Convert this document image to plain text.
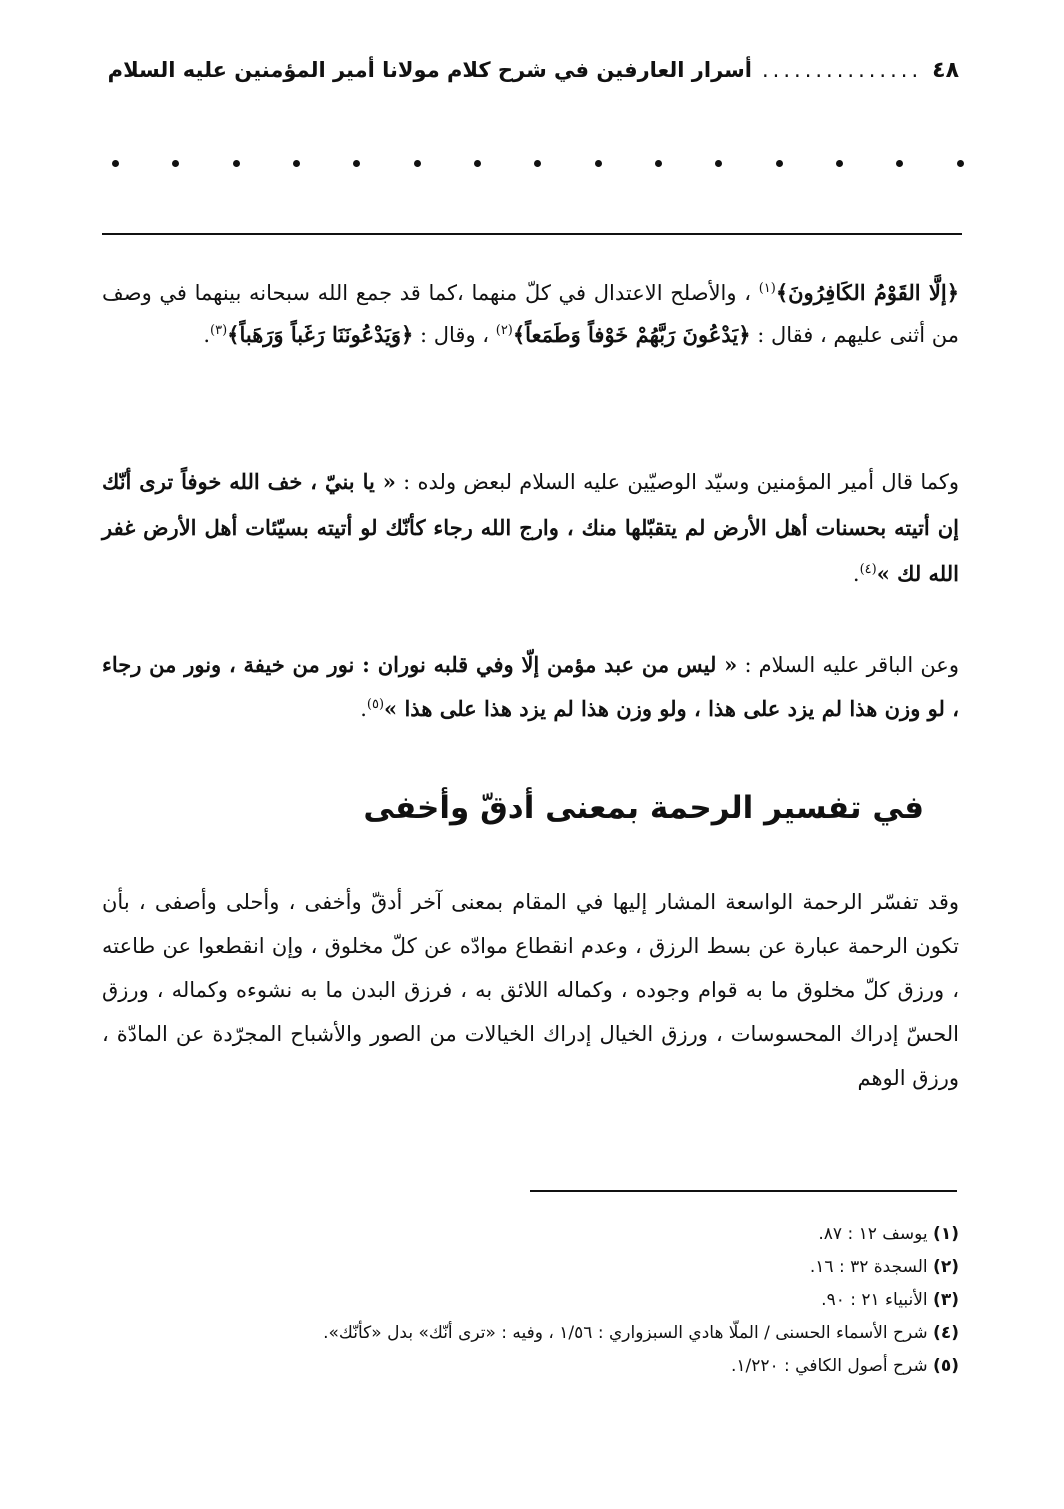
٤٨
...............
أسرار العارفين في شرح كلام مولانا أمير المؤمنين عليه السلام
﴿إلَّا القَوْمُ الكَافِرُونَ﴾$^{(١)}$ ، والأصلح الاعتدال في كلّ منهما ،كما قد جمع الله سبحانه بينهما في وصف من أثنى عليهم ، فقال : ﴿يَدْعُونَ رَبَّهُمْ خَوْفاً وَطَمَعاً﴾$^{(٢)}$ ، وقال : ﴿وَيَدْعُونَنَا رَغَباً وَرَهَباً﴾$^{(٣)}$.
وكما قال أمير المؤمنين وسيّد الوصيّين عليه السلام لبعض ولده : « يا بنيّ ، خف الله خوفاً ترى أنّك إن أتيته بحسنات أهل الأرض لم يتقبّلها منك ، وارج الله رجاء كأنّك لو أتيته بسيّئات أهل الأرض غفر الله لك »$^{(٤)}$.
وعن الباقر عليه السلام : « ليس من عبد مؤمن إلّا وفي قلبه نوران : نور من خيفة ، ونور من رجاء ، لو وزن هذا لم يزد على هذا ، ولو وزن هذا لم يزد هذا على هذا »$^{(٥)}$.
في تفسير الرحمة بمعنى أدقّ وأخفى
وقد تفسّر الرحمة الواسعة المشار إليها في المقام بمعنى آخر أدقّ وأخفى ، وأحلى وأصفى ، بأن تكون الرحمة عبارة عن بسط الرزق ، وعدم انقطاع موادّه عن كلّ مخلوق ، وإن انقطعوا عن طاعته ، ورزق كلّ مخلوق ما به قوام وجوده ، وكماله اللائق به ، فرزق البدن ما به نشوءه وكماله ، ورزق الحسّ إدراك المحسوسات ، ورزق الخيال إدراك الخيالات من الصور والأشباح المجرّدة عن المادّة ، ورزق الوهم
(١) يوسف ١٢ : ٨٧.
(٢) السجدة ٣٢ : ١٦.
(٣) الأنبياء ٢١ : ٩٠.
(٤) شرح الأسماء الحسنى / الملّا هادي السبزواري : ١/٥٦ ، وفيه : «ترى أنّك» بدل «كأنّك».
(٥) شرح أصول الكافي : ١/٢٢٠.
